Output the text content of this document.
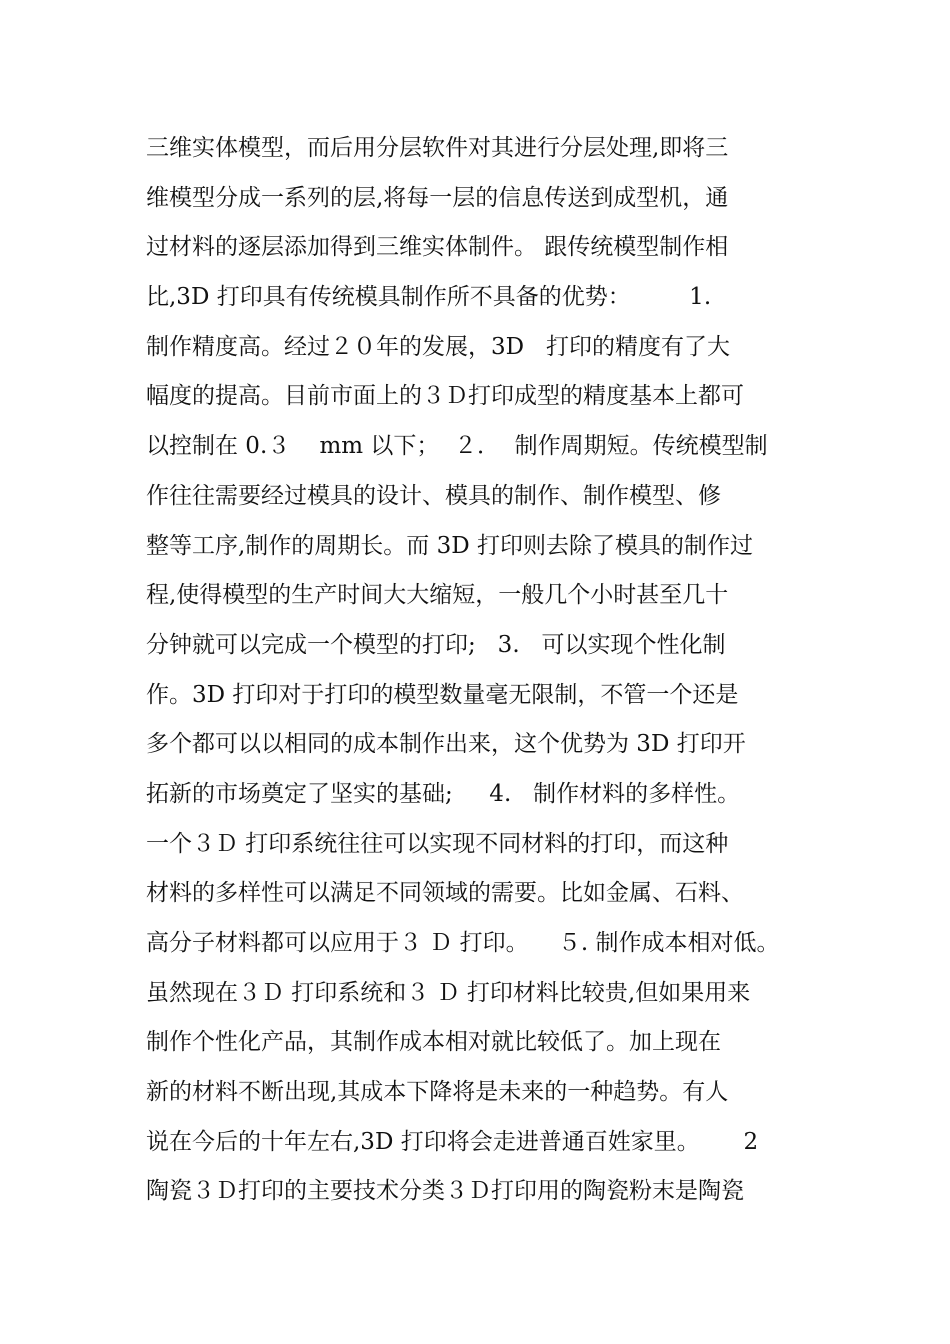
三维实体模型，而后用分层软件对其进行分层处理,即将三
维模型分成一系列的层,将每一层的信息传送到成型机，通
过材料的逐层添加得到三维实体制件。 跟传统模型制作相
比,3D 打印具有传统模具制作所不具备的优势：        1.
制作精度高。经过２０年的发展，3D   打印的精度有了大
幅度的提高。目前市面上的３Ｄ打印成型的精度基本上都可
以控制在 0.３    mm 以下；  ２．  制作周期短。传统模型制
作往往需要经过模具的设计、模具的制作、制作模型、修
整等工序,制作的周期长。而 3D 打印则去除了模具的制作过
程,使得模型的生产时间大大缩短，一般几个小时甚至几十
分钟就可以完成一个模型的打印;   3.   可以实现个性化制
作。3D 打印对于打印的模型数量毫无限制，不管一个还是
多个都可以以相同的成本制作出来，这个优势为 3D 打印开
拓新的市场奠定了坚实的基础;     4.   制作材料的多样性。
一个３Ｄ 打印系统往往可以实现不同材料的打印，而这种
材料的多样性可以满足不同领域的需要。比如金属、石料、
高分子材料都可以应用于３ Ｄ 打印。    ５. 制作成本相对低。
虽然现在３Ｄ 打印系统和３ Ｄ 打印材料比较贵,但如果用来
制作个性化产品，其制作成本相对就比较低了。加上现在
新的材料不断出现,其成本下降将是未来的一种趋势。有人
说在今后的十年左右,3D 打印将会走进普通百姓家里。      2
陶瓷３Ｄ打印的主要技术分类３Ｄ打印用的陶瓷粉末是陶瓷
